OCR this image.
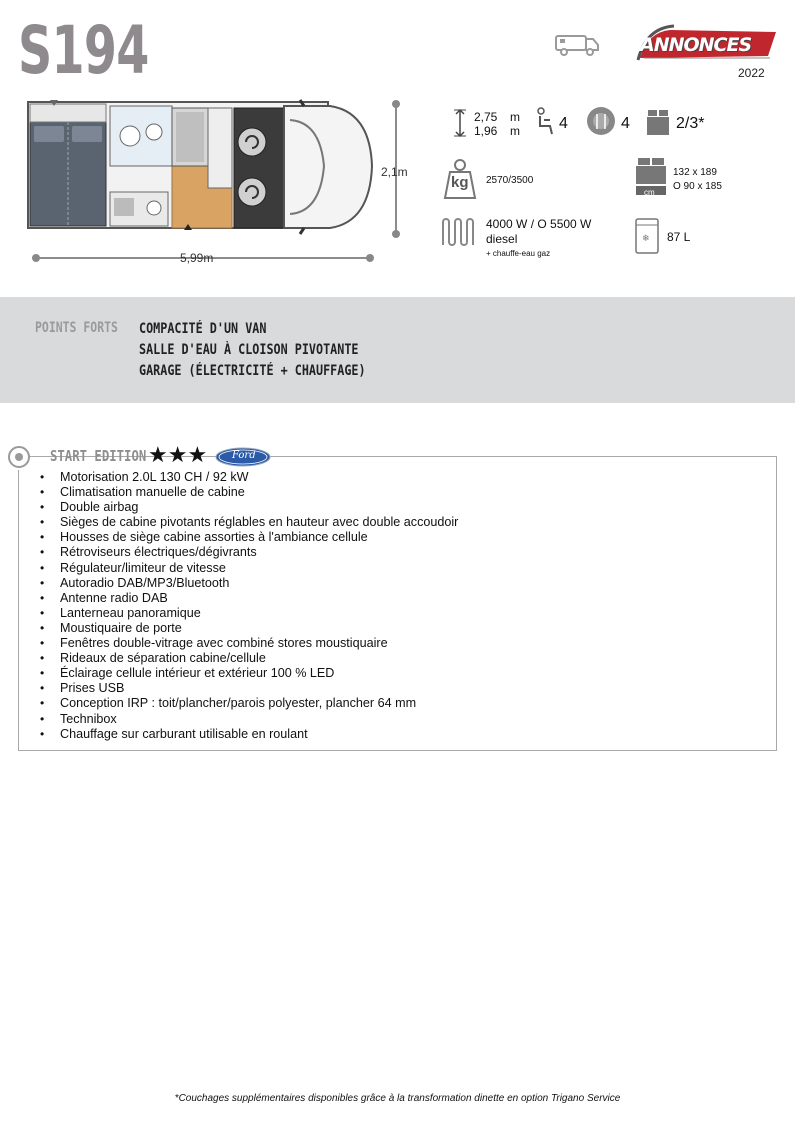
S194	ANNONCES
2022
5,99m
2,1m
2,75 m
1,96 m 4	4	2/3*
kg 2570/3500
cm
132 x 189
O 90 x 185
4000 W / O 5500 W
diesel
+ chauffe-eau gaz
❄ 87 L
POINTS FORTS COMPACITÉ D'UN VAN
SALLE D'EAU À CLOISON PIVOTANTE
GARAGE (ÉLECTRICITÉ + CHAUFFAGE)
START EDITION ★★★ Ford
• Motorisation 2.0L 130 CH / 92 kW
• Climatisation manuelle de cabine
• Double airbag
• Sièges de cabine pivotants réglables en hauteur avec double accoudoir
• Housses de siège cabine assorties à l'ambiance cellule
• Rétroviseurs électriques/dégivrants
• Régulateur/limiteur de vitesse
• Autoradio DAB/MP3/Bluetooth
• Antenne radio DAB
• Lanterneau panoramique
• Moustiquaire de porte
• Fenêtres double-vitrage avec combiné stores moustiquaire
• Rideaux de séparation cabine/cellule
• Éclairage cellule intérieur et extérieur 100 % LED
• Prises USB
• Conception IRP : toit/plancher/parois polyester, plancher 64 mm
• Technibox
• Chauffage sur carburant utilisable en roulant
*Couchages supplémentaires disponibles grâce à la transformation dinette en option Trigano Service
